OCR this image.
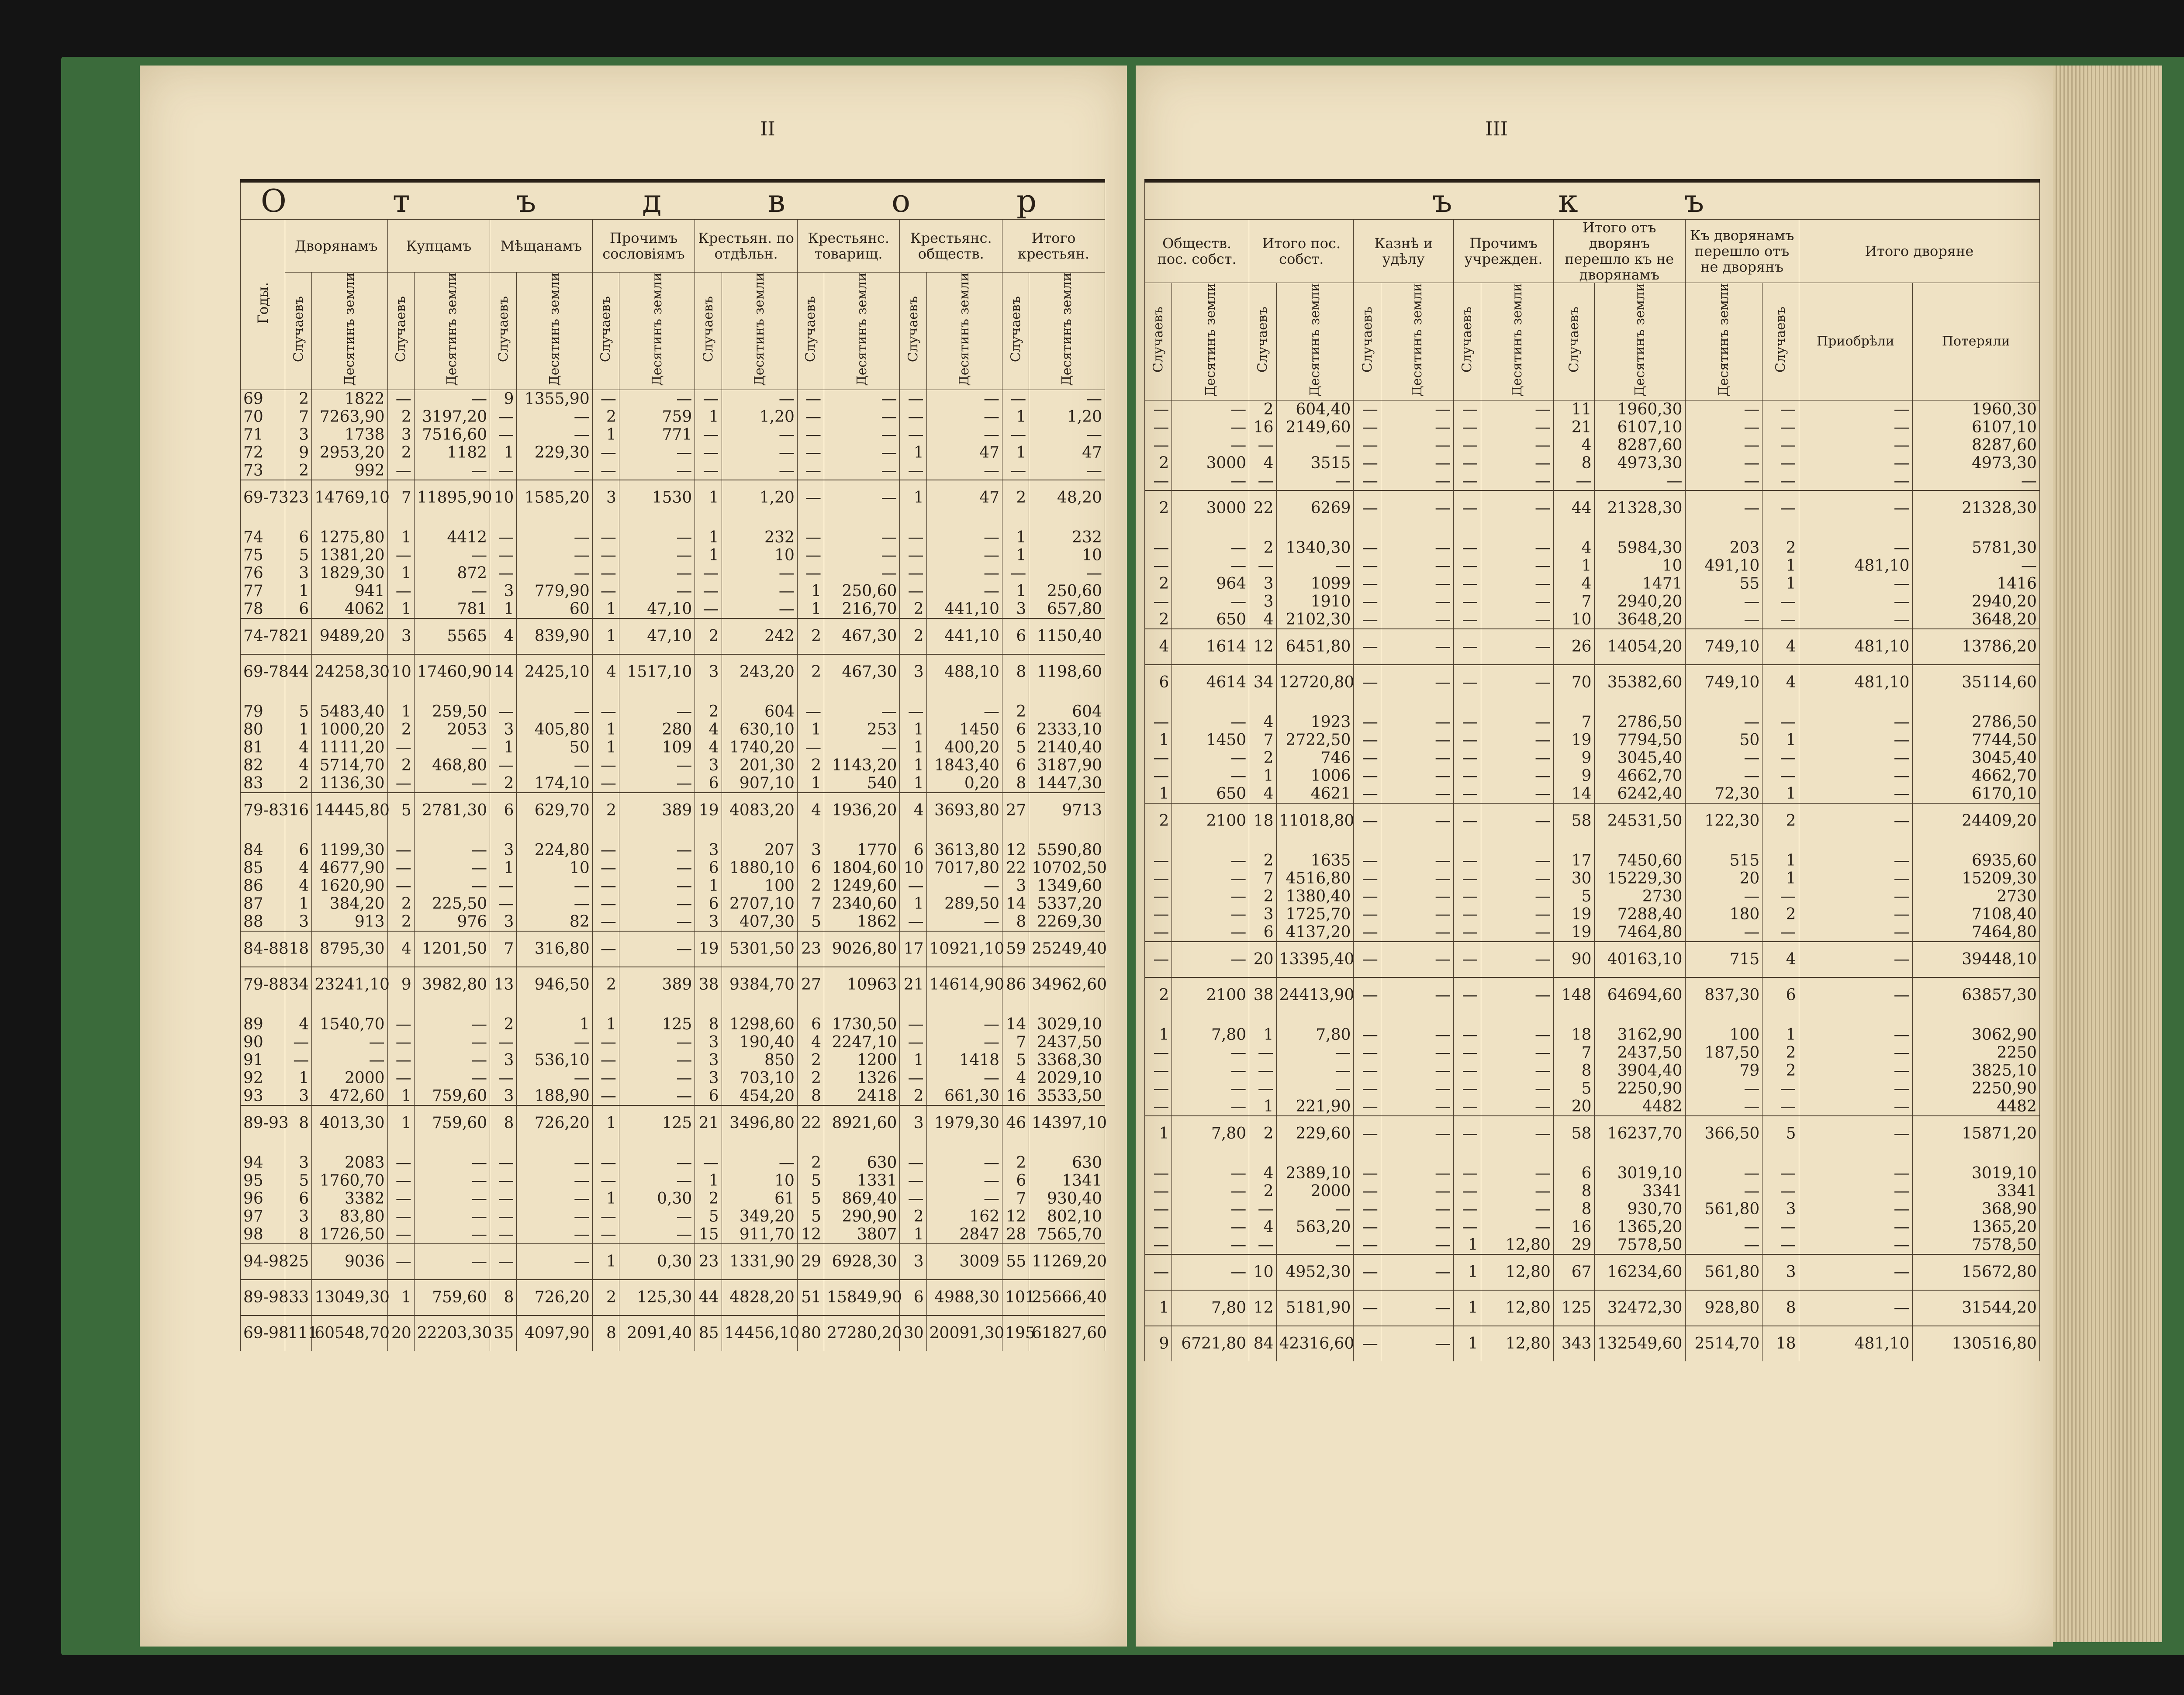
II
О т ъ д в о р																
Годы.	Дворянамъ		Купцамъ		Мѣщанамъ		Прочимъ сословіямъ		Крестьян. по отдѣльн.		Крестьянс. товарищ.		Крестьянс. обществ.		Итого крестьян.	
	Случаевъ	Десятинъ земли	Случаевъ	Десятинъ земли	Случаевъ	Десятинъ земли	Случаевъ	Десятинъ земли	Случаевъ	Десятинъ земли	Случаевъ	Десятинъ земли	Случаевъ	Десятинъ земли	Случаевъ	Десятинъ земли
69	2	1822	—	—	9	1355,90	—	—	—	—	—	—	—	—	—	—
70	7	7263,90	2	3197,20	—	—	2	759	1	1,20	—	—	—	—	1	1,20
71	3	1738	3	7516,60	—	—	1	771	—	—	—	—	—	—	—	—
72	9	2953,20	2	1182	1	229,30	—	—	—	—	—	—	1	47	1	47
73	2	992	—	—	—	—	—	—	—	—	—	—	—	—	—	—
69-73	23	14769,10	7	11895,90	10	1585,20	3	1530	1	1,20	—	—	1	47	2	48,20
74	6	1275,80	1	4412	—	—	—	—	1	232	—	—	—	—	1	232
75	5	1381,20	—	—	—	—	—	—	1	10	—	—	—	—	1	10
76	3	1829,30	1	872	—	—	—	—	—	—	—	—	—	—	—	—
77	1	941	—	—	3	779,90	—	—	—	—	1	250,60	—	—	1	250,60
78	6	4062	1	781	1	60	1	47,10	—	—	1	216,70	2	441,10	3	657,80
74-78	21	9489,20	3	5565	4	839,90	1	47,10	2	242	2	467,30	2	441,10	6	1150,40
69-78	44	24258,30	10	17460,90	14	2425,10	4	1517,10	3	243,20	2	467,30	3	488,10	8	1198,60
79	5	5483,40	1	259,50	—	—	—	—	2	604	—	—	—	—	2	604
80	1	1000,20	2	2053	3	405,80	1	280	4	630,10	1	253	1	1450	6	2333,10
81	4	1111,20	—	—	1	50	1	109	4	1740,20	—	—	1	400,20	5	2140,40
82	4	5714,70	2	468,80	—	—	—	—	3	201,30	2	1143,20	1	1843,40	6	3187,90
83	2	1136,30	—	—	2	174,10	—	—	6	907,10	1	540	1	0,20	8	1447,30
79-83	16	14445,80	5	2781,30	6	629,70	2	389	19	4083,20	4	1936,20	4	3693,80	27	9713
84	6	1199,30	—	—	3	224,80	—	—	3	207	3	1770	6	3613,80	12	5590,80
85	4	4677,90	—	—	1	10	—	—	6	1880,10	6	1804,60	10	7017,80	22	10702,50
86	4	1620,90	—	—	—	—	—	—	1	100	2	1249,60	—	—	3	1349,60
87	1	384,20	2	225,50	—	—	—	—	6	2707,10	7	2340,60	1	289,50	14	5337,20
88	3	913	2	976	3	82	—	—	3	407,30	5	1862	—	—	8	2269,30
84-88	18	8795,30	4	1201,50	7	316,80	—	—	19	5301,50	23	9026,80	17	10921,10	59	25249,40
79-88	34	23241,10	9	3982,80	13	946,50	2	389	38	9384,70	27	10963	21	14614,90	86	34962,60
89	4	1540,70	—	—	2	1	1	125	8	1298,60	6	1730,50	—	—	14	3029,10
90	—	—	—	—	—	—	—	—	3	190,40	4	2247,10	—	—	7	2437,50
91	—	—	—	—	3	536,10	—	—	3	850	2	1200	1	1418	5	3368,30
92	1	2000	—	—	—	—	—	—	3	703,10	2	1326	—	—	4	2029,10
93	3	472,60	1	759,60	3	188,90	—	—	6	454,20	8	2418	2	661,30	16	3533,50
89-93	8	4013,30	1	759,60	8	726,20	1	125	21	3496,80	22	8921,60	3	1979,30	46	14397,10
94	3	2083	—	—	—	—	—	—	—	—	2	630	—	—	2	630
95	5	1760,70	—	—	—	—	—	—	1	10	5	1331	—	—	6	1341
96	6	3382	—	—	—	—	1	0,30	2	61	5	869,40	—	—	7	930,40
97	3	83,80	—	—	—	—	—	—	5	349,20	5	290,90	2	162	12	802,10
98	8	1726,50	—	—	—	—	—	—	15	911,70	12	3807	1	2847	28	7565,70
94-98	25	9036	—	—	—	—	1	0,30	23	1331,90	29	6928,30	3	3009	55	11269,20
89-98	33	13049,30	1	759,60	8	726,20	2	125,30	44	4828,20	51	15849,90	6	4988,30	101	25666,40
69-98	111	60548,70	20	22203,30	35	4097,90	8	2091,40	85	14456,10	80	27280,20	30	20091,30	195	61827,60
III
ъ к ъ													
Обществ. пос. собст.		Итого пос. собст.		Казнѣ и удѣлу		Прочимъ учрежден.		Итого отъ дворянъ перешло къ не дворянамъ		Къ дворянамъ перешло отъ не дворянъ		Итого дворяне	
Случаевъ	Десятинъ земли	Случаевъ	Десятинъ земли	Случаевъ	Десятинъ земли	Случаевъ	Десятинъ земли	Случаевъ	Десятинъ земли	Десятинъ земли	Случаевъ	Приобрѣли	Потеряли
—	—	2	604,40	—	—	—	—	11	1960,30	—	—	—	1960,30
—	—	16	2149,60	—	—	—	—	21	6107,10	—	—	—	6107,10
—	—	—	—	—	—	—	—	4	8287,60	—	—	—	8287,60
2	3000	4	3515	—	—	—	—	8	4973,30	—	—	—	4973,30
—	—	—	—	—	—	—	—	—	—	—	—	—	—
2	3000	22	6269	—	—	—	—	44	21328,30	—	—	—	21328,30
—	—	2	1340,30	—	—	—	—	4	5984,30	203	2	—	5781,30
—	—	—	—	—	—	—	—	1	10	491,10	1	481,10	—
2	964	3	1099	—	—	—	—	4	1471	55	1	—	1416
—	—	3	1910	—	—	—	—	7	2940,20	—	—	—	2940,20
2	650	4	2102,30	—	—	—	—	10	3648,20	—	—	—	3648,20
4	1614	12	6451,80	—	—	—	—	26	14054,20	749,10	4	481,10	13786,20
6	4614	34	12720,80	—	—	—	—	70	35382,60	749,10	4	481,10	35114,60
—	—	4	1923	—	—	—	—	7	2786,50	—	—	—	2786,50
1	1450	7	2722,50	—	—	—	—	19	7794,50	50	1	—	7744,50
—	—	2	746	—	—	—	—	9	3045,40	—	—	—	3045,40
—	—	1	1006	—	—	—	—	9	4662,70	—	—	—	4662,70
1	650	4	4621	—	—	—	—	14	6242,40	72,30	1	—	6170,10
2	2100	18	11018,80	—	—	—	—	58	24531,50	122,30	2	—	24409,20
—	—	2	1635	—	—	—	—	17	7450,60	515	1	—	6935,60
—	—	7	4516,80	—	—	—	—	30	15229,30	20	1	—	15209,30
—	—	2	1380,40	—	—	—	—	5	2730	—	—	—	2730
—	—	3	1725,70	—	—	—	—	19	7288,40	180	2	—	7108,40
—	—	6	4137,20	—	—	—	—	19	7464,80	—	—	—	7464,80
—	—	20	13395,40	—	—	—	—	90	40163,10	715	4	—	39448,10
2	2100	38	24413,90	—	—	—	—	148	64694,60	837,30	6	—	63857,30
1	7,80	1	7,80	—	—	—	—	18	3162,90	100	1	—	3062,90
—	—	—	—	—	—	—	—	7	2437,50	187,50	2	—	2250
—	—	—	—	—	—	—	—	8	3904,40	79	2	—	3825,10
—	—	—	—	—	—	—	—	5	2250,90	—	—	—	2250,90
—	—	1	221,90	—	—	—	—	20	4482	—	—	—	4482
1	7,80	2	229,60	—	—	—	—	58	16237,70	366,50	5	—	15871,20
—	—	4	2389,10	—	—	—	—	6	3019,10	—	—	—	3019,10
—	—	2	2000	—	—	—	—	8	3341	—	—	—	3341
—	—	—	—	—	—	—	—	8	930,70	561,80	3	—	368,90
—	—	4	563,20	—	—	—	—	16	1365,20	—	—	—	1365,20
—	—	—	—	—	—	1	12,80	29	7578,50	—	—	—	7578,50
—	—	10	4952,30	—	—	1	12,80	67	16234,60	561,80	3	—	15672,80
1	7,80	12	5181,90	—	—	1	12,80	125	32472,30	928,80	8	—	31544,20
9	6721,80	84	42316,60	—	—	1	12,80	343	132549,60	2514,70	18	481,10	130516,80
